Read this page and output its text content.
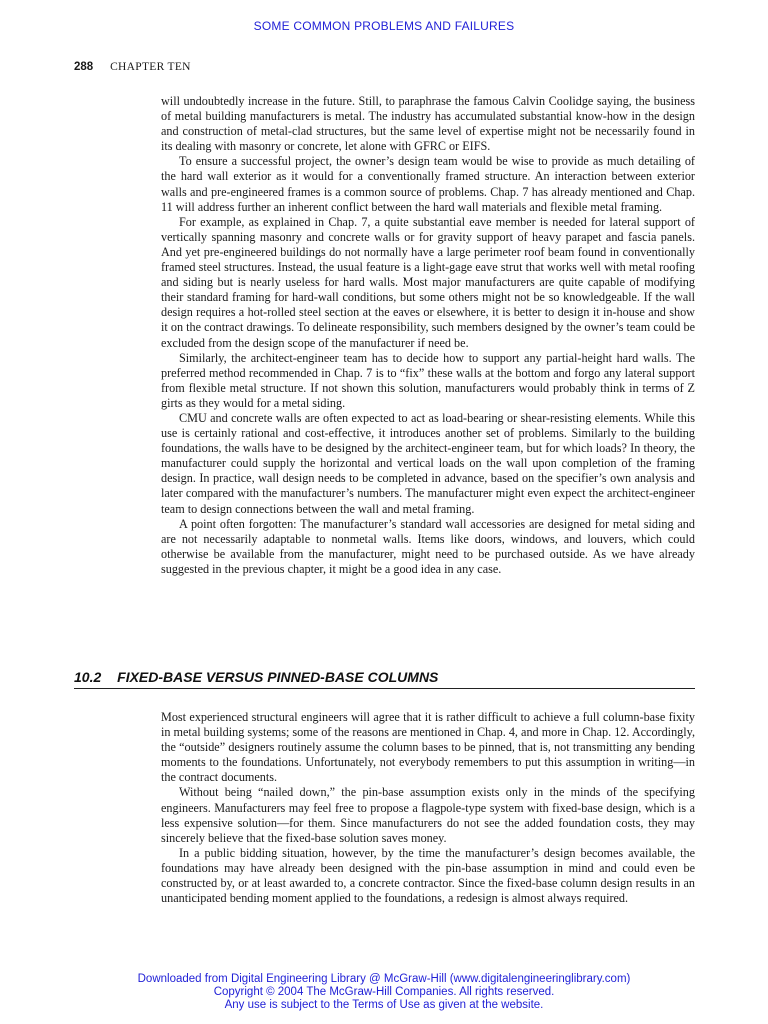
SOME COMMON PROBLEMS AND FAILURES
288 CHAPTER TEN

will undoubtedly increase in the future. Still, to paraphrase the famous Calvin Coolidge saying, the business of metal building manufacturers is metal. The industry has accumulated substantial know-how in the design and construction of metal-clad structures, but the same level of expertise might not be necessarily found in its dealing with masonry or concrete, let alone with GFRC or EIFS.

To ensure a successful project, the owner’s design team would be wise to provide as much detailing of the hard wall exterior as it would for a conventionally framed structure. An interaction between exterior walls and pre-engineered frames is a common source of problems. Chap. 7 has already mentioned and Chap. 11 will address further an inherent conflict between the hard wall materials and flexible metal framing.

For example, as explained in Chap. 7, a quite substantial eave member is needed for lateral support of vertically spanning masonry and concrete walls or for gravity support of heavy parapet and fascia panels. And yet pre-engineered buildings do not normally have a large perimeter roof beam found in conventionally framed steel structures. Instead, the usual feature is a light-gage eave strut that works well with metal roofing and siding but is nearly useless for hard walls. Most major manufacturers are quite capable of modifying their standard framing for hard-wall conditions, but some others might not be so knowledgeable. If the wall design requires a hot-rolled steel section at the eaves or elsewhere, it is better to design it in-house and show it on the contract drawings. To delineate responsibility, such members designed by the owner’s team could be excluded from the design scope of the manufacturer if need be.

Similarly, the architect-engineer team has to decide how to support any partial-height hard walls. The preferred method recommended in Chap. 7 is to “fix” these walls at the bottom and forgo any lateral support from flexible metal structure. If not shown this solution, manufacturers would probably think in terms of Z girts as they would for a metal siding.

CMU and concrete walls are often expected to act as load-bearing or shear-resisting elements. While this use is certainly rational and cost-effective, it introduces another set of problems. Similarly to the building foundations, the walls have to be designed by the architect-engineer team, but for which loads? In theory, the manufacturer could supply the horizontal and vertical loads on the wall upon completion of the framing design. In practice, wall design needs to be completed in advance, based on the specifier’s own analysis and later compared with the manufacturer’s numbers. The manufacturer might even expect the architect-engineer team to design connections between the wall and metal framing.

A point often forgotten: The manufacturer’s standard wall accessories are designed for metal siding and are not necessarily adaptable to nonmetal walls. Items like doors, windows, and louvers, which could otherwise be available from the manufacturer, might need to be purchased outside. As we have already suggested in the previous chapter, it might be a good idea in any case.

10.2 FIXED-BASE VERSUS PINNED-BASE COLUMNS

Most experienced structural engineers will agree that it is rather difficult to achieve a full column-base fixity in metal building systems; some of the reasons are mentioned in Chap. 4, and more in Chap. 12. Accordingly, the “outside” designers routinely assume the column bases to be pinned, that is, not transmitting any bending moments to the foundations. Unfortunately, not everybody remembers to put this assumption in writing—in the contract documents.

Without being “nailed down,” the pin-base assumption exists only in the minds of the specifying engineers. Manufacturers may feel free to propose a flagpole-type system with fixed-base design, which is a less expensive solution—for them. Since manufacturers do not see the added foundation costs, they may sincerely believe that the fixed-base solution saves money.

In a public bidding situation, however, by the time the manufacturer’s design becomes available, the foundations may have already been designed with the pin-base assumption in mind and could even be constructed by, or at least awarded to, a concrete contractor. Since the fixed-base column design results in an unanticipated bending moment applied to the foundations, a redesign is almost always required.

Downloaded from Digital Engineering Library @ McGraw-Hill (www.digitalengineeringlibrary.com)
Copyright © 2004 The McGraw-Hill Companies. All rights reserved.
Any use is subject to the Terms of Use as given at the website.
